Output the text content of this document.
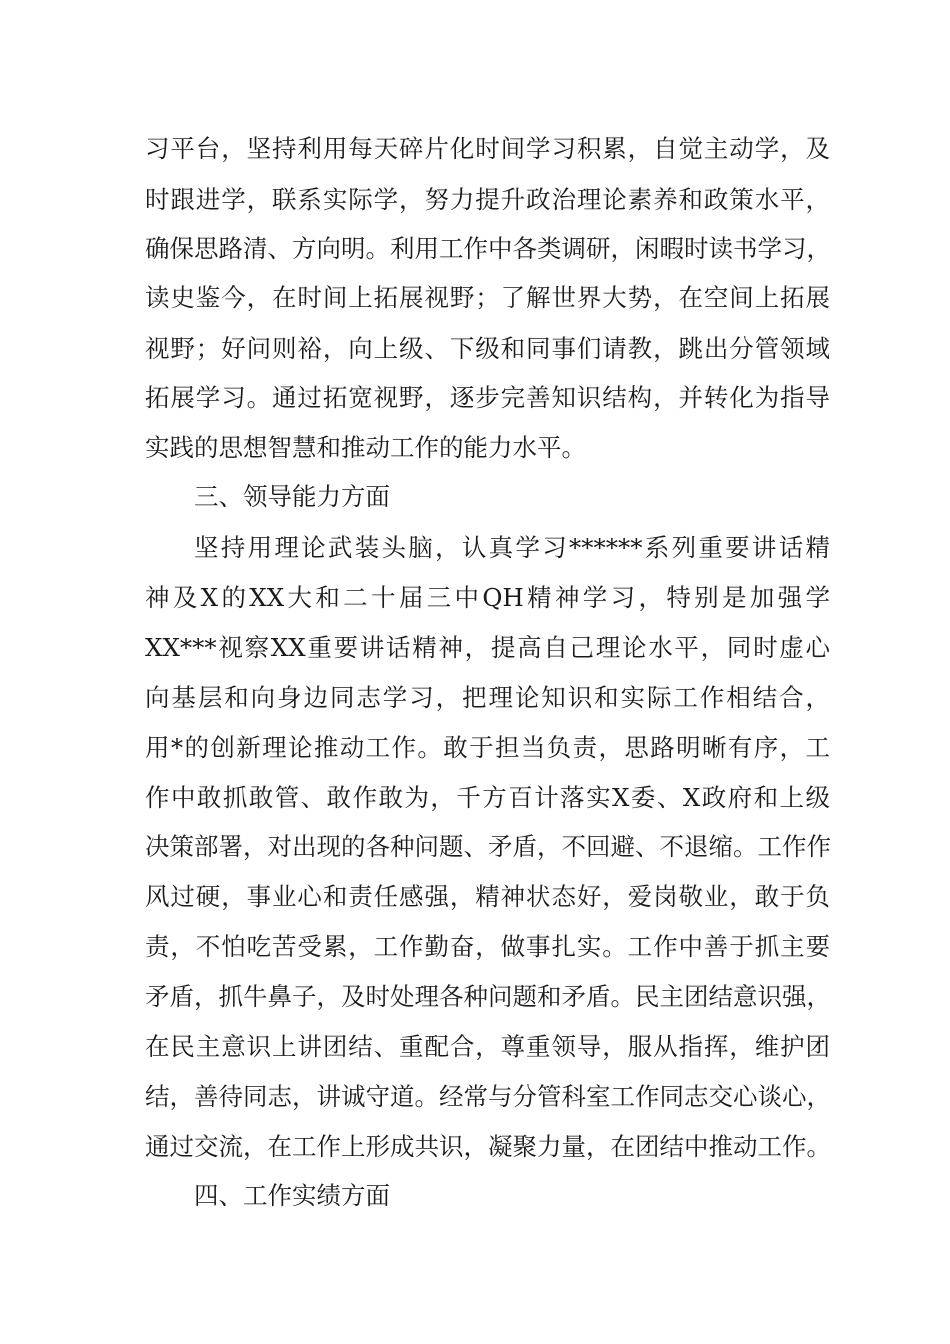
习平台，坚持利用每天碎片化时间学习积累，自觉主动学，及
时跟进学，联系实际学，努力提升政治理论素养和政策水平，
确保思路清、方向明。利用工作中各类调研，闲暇时读书学习，
读史鉴今，在时间上拓展视野；了解世界大势，在空间上拓展
视野；好问则裕，向上级、下级和同事们请教，跳出分管领域
拓展学习。通过拓宽视野，逐步完善知识结构，并转化为指导
实践的思想智慧和推动工作的能力水平。
三、领导能力方面
坚持用理论武装头脑，认真学习******系列重要讲话精
神及X的XX大和二十届三中QH精神学习，特别是加强学
XX***视察XX重要讲话精神，提高自己理论水平，同时虚心
向基层和向身边同志学习，把理论知识和实际工作相结合，
用*的创新理论推动工作。敢于担当负责，思路明晰有序，工
作中敢抓敢管、敢作敢为，千方百计落实X委、X政府和上级
决策部署，对出现的各种问题、矛盾，不回避、不退缩。工作作
风过硬，事业心和责任感强，精神状态好，爱岗敬业，敢于负
责，不怕吃苦受累，工作勤奋，做事扎实。工作中善于抓主要
矛盾，抓牛鼻子，及时处理各种问题和矛盾。民主团结意识强，
在民主意识上讲团结、重配合，尊重领导，服从指挥，维护团
结，善待同志，讲诚守道。经常与分管科室工作同志交心谈心，
通过交流，在工作上形成共识，凝聚力量，在团结中推动工作。
四、工作实绩方面
